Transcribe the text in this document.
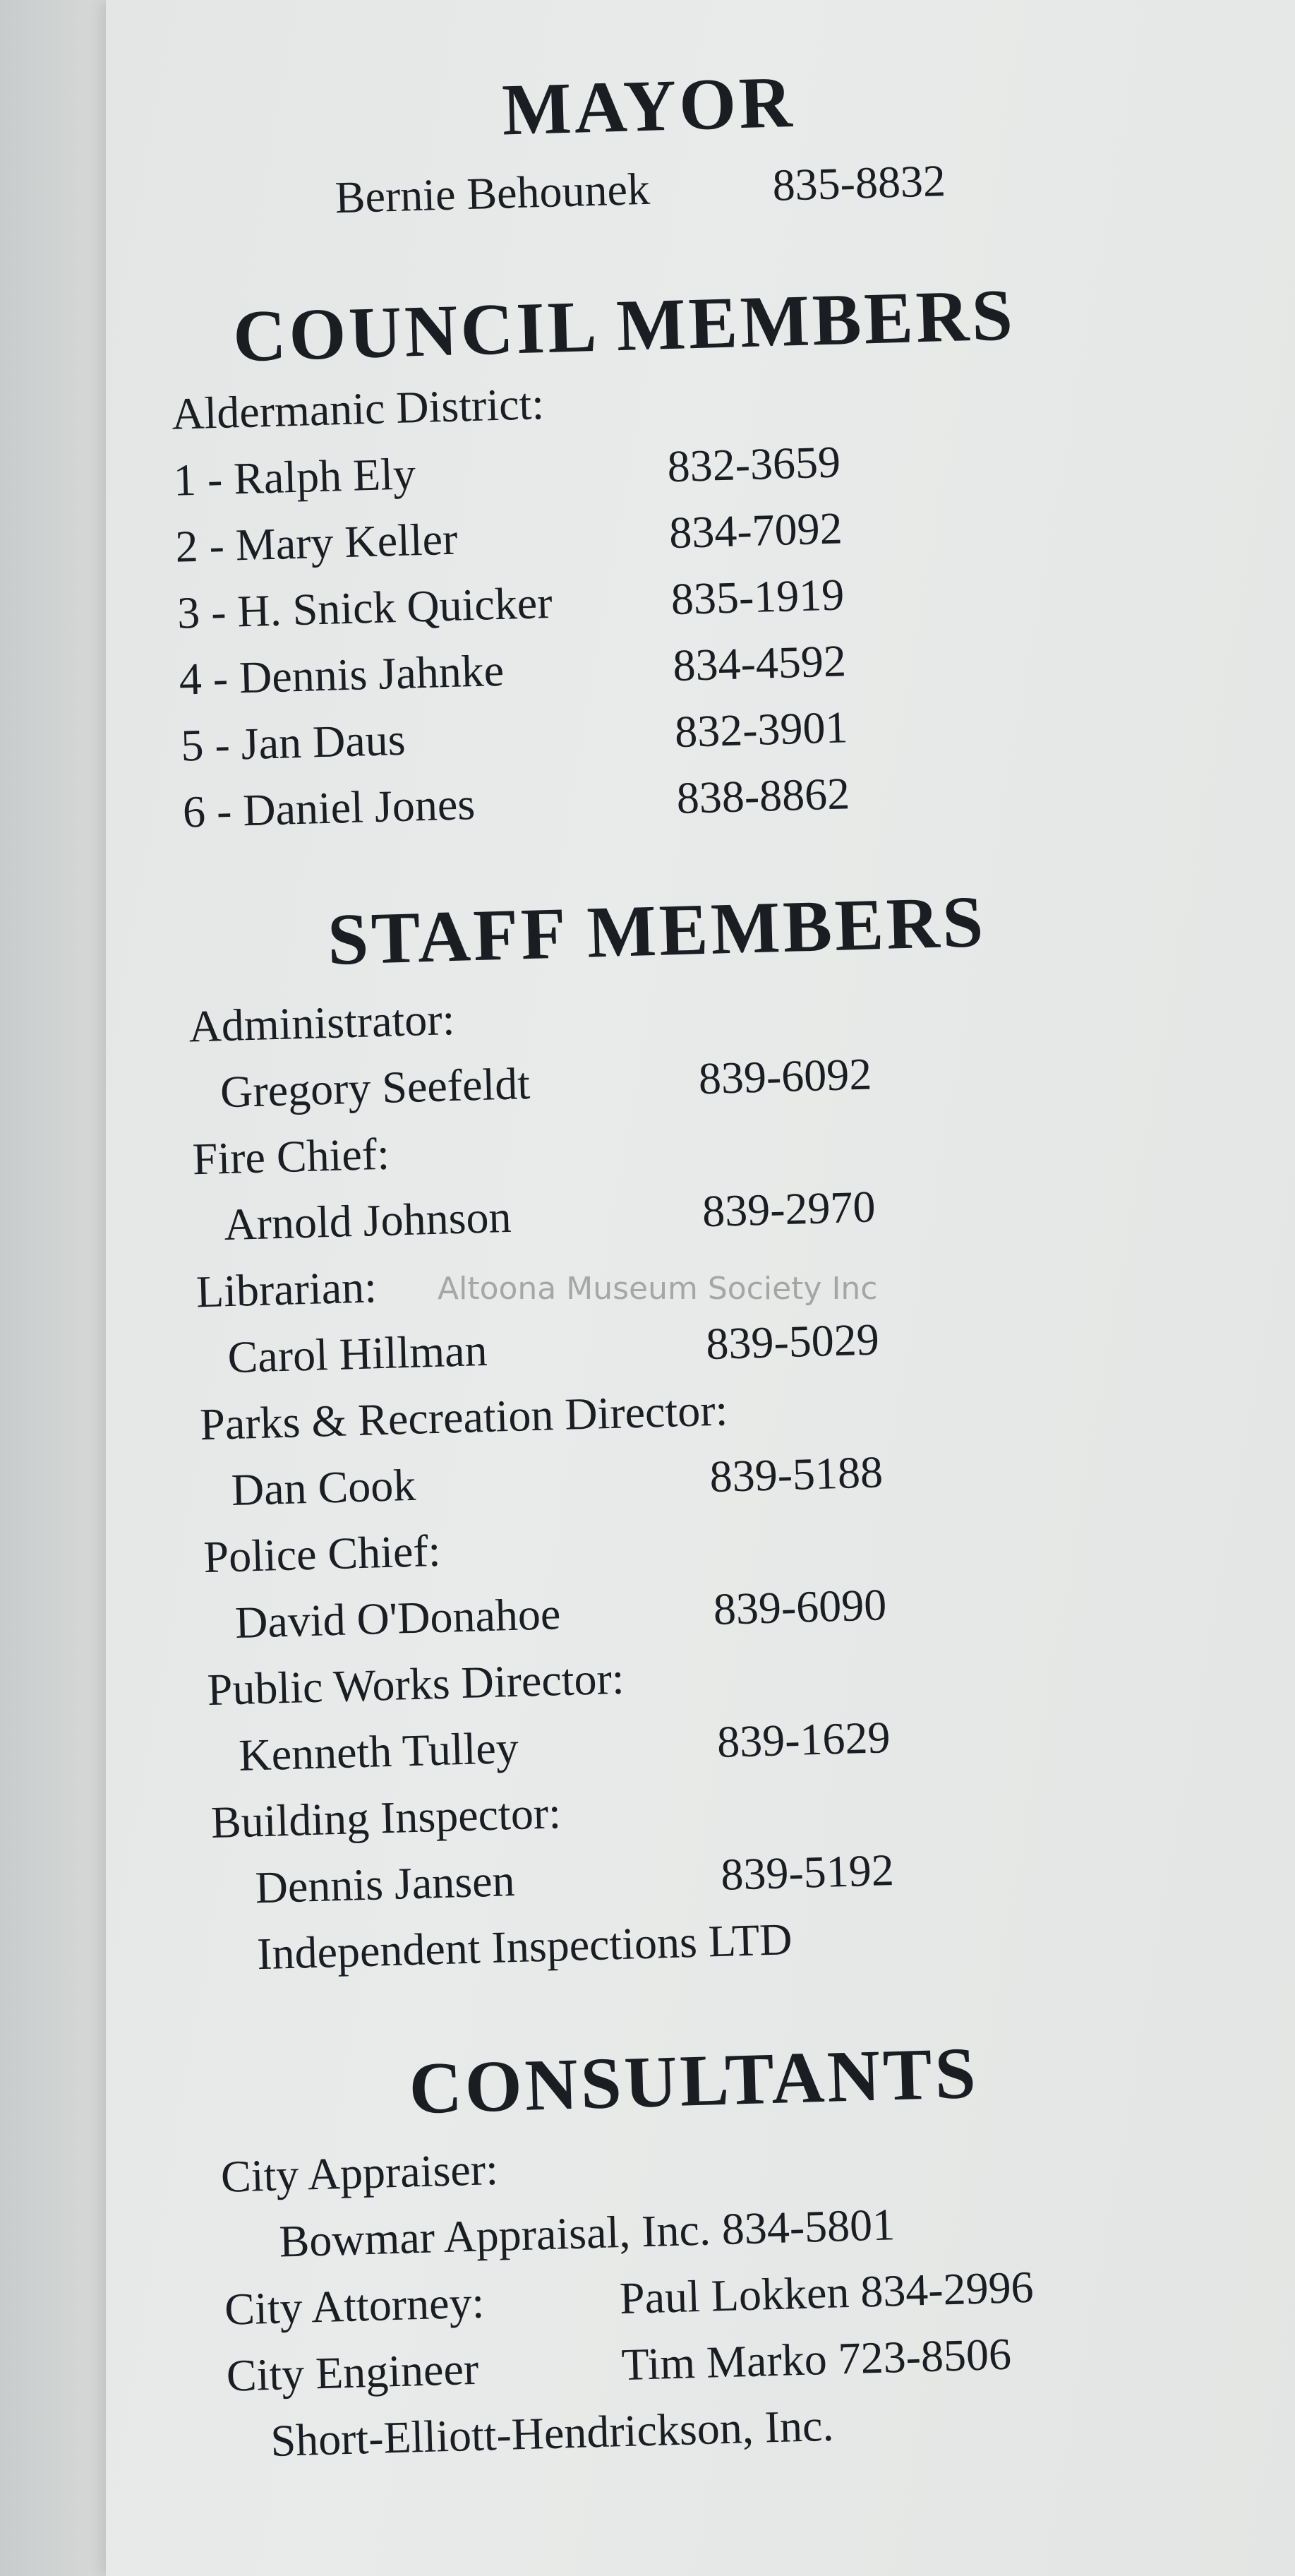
MAYOR
Bernie Behounek	835-8832
COUNCIL MEMBERS
Aldermanic District:
1 - Ralph Ely	832-3659
2 - Mary Keller	834-7092
3 - H. Snick Quicker	835-1919
4 - Dennis Jahnke	834-4592
5 - Jan Daus	832-3901
6 - Daniel Jones	838-8862
STAFF MEMBERS
Administrator:
Gregory Seefeldt	839-6092
Fire Chief:
Arnold Johnson	839-2970
Librarian:
Carol Hillman	839-5029
Parks & Recreation Director:
Dan Cook	839-5188
Police Chief:
David O'Donahoe	839-6090
Public Works Director:
Kenneth Tulley	839-1629
Building Inspector:
Dennis Jansen	839-5192
Independent Inspections LTD
CONSULTANTS
City Appraiser:
Bowmar Appraisal, Inc. 834-5801
City Attorney:	Paul Lokken 834-2996
City Engineer	Tim Marko 723-8506
Short-Elliott-Hendrickson, Inc.
Altoona Museum Society Inc
